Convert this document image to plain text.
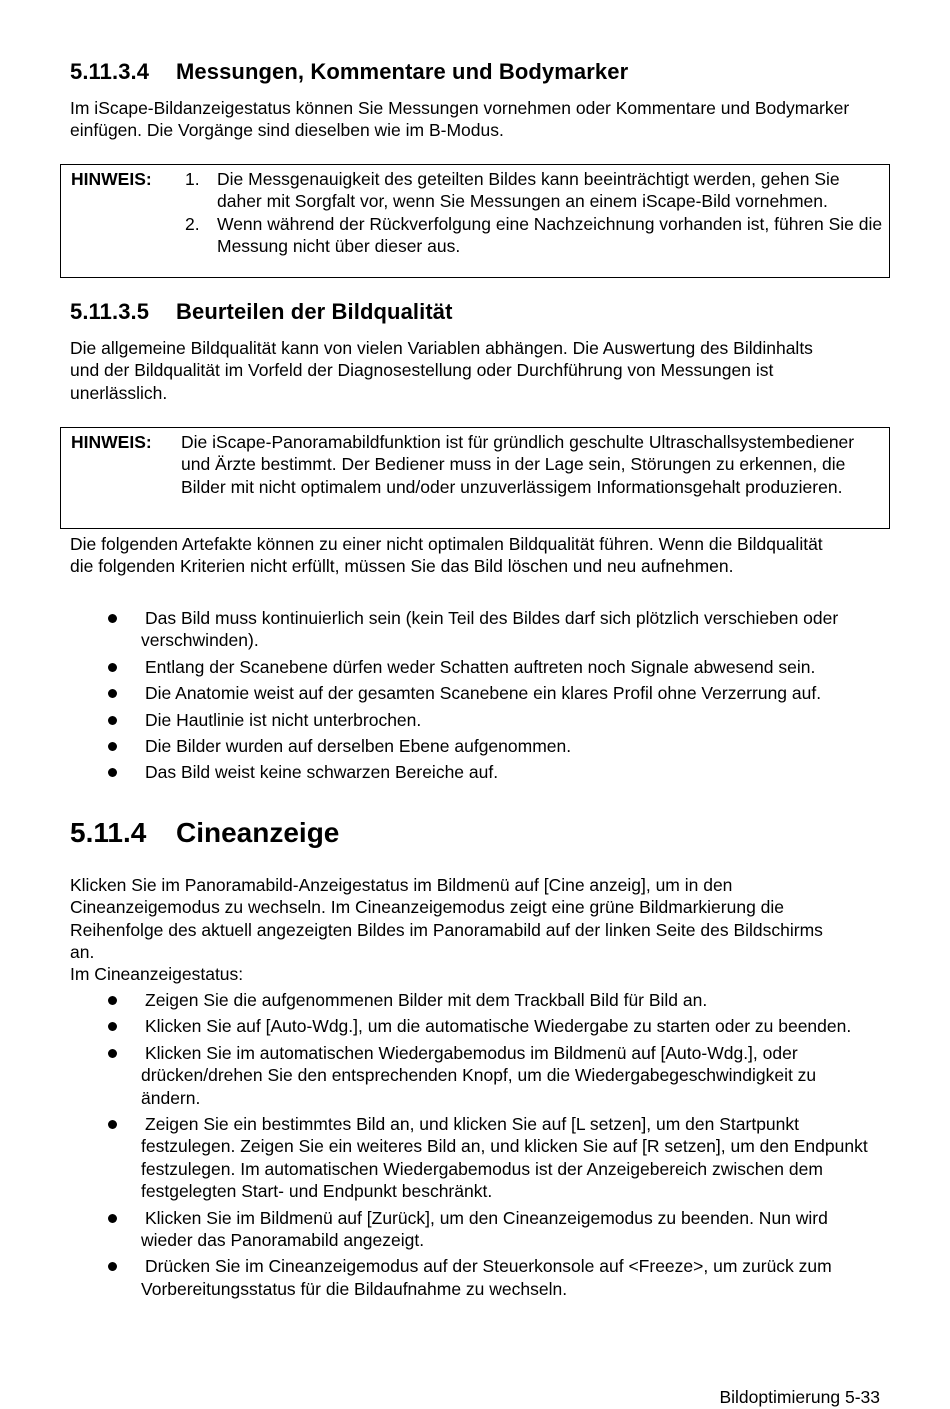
5.11.3.4 Messungen, Kommentare und Bodymarker

Im iScape-Bildanzeigestatus können Sie Messungen vornehmen oder Kommentare und Bodymarker einfügen. Die Vorgänge sind dieselben wie im B-Modus.

HINWEIS: 1. Die Messgenauigkeit des geteilten Bildes kann beeinträchtigt werden, gehen Sie daher mit Sorgfalt vor, wenn Sie Messungen an einem iScape-Bild vornehmen.
2. Wenn während der Rückverfolgung eine Nachzeichnung vorhanden ist, führen Sie die Messung nicht über dieser aus.
5.11.3.5 Beurteilen der Bildqualität

Die allgemeine Bildqualität kann von vielen Variablen abhängen. Die Auswertung des Bildinhalts und der Bildqualität im Vorfeld der Diagnosestellung oder Durchführung von Messungen ist unerlässlich.

HINWEIS: Die iScape-Panoramabildfunktion ist für gründlich geschulte Ultraschallsystembediener und Ärzte bestimmt. Der Bediener muss in der Lage sein, Störungen zu erkennen, die Bilder mit nicht optimalem und/oder unzuverlässigem Informationsgehalt produzieren.

Die folgenden Artefakte können zu einer nicht optimalen Bildqualität führen. Wenn die Bildqualität die folgenden Kriterien nicht erfüllt, müssen Sie das Bild löschen und neu aufnehmen.

Das Bild muss kontinuierlich sein (kein Teil des Bildes darf sich plötzlich verschieben oder verschwinden).
Entlang der Scanebene dürfen weder Schatten auftreten noch Signale abwesend sein.
Die Anatomie weist auf der gesamten Scanebene ein klares Profil ohne Verzerrung auf.
Die Hautlinie ist nicht unterbrochen.
Die Bilder wurden auf derselben Ebene aufgenommen.
Das Bild weist keine schwarzen Bereiche auf.
5.11.4 Cineanzeige

Klicken Sie im Panoramabild-Anzeigestatus im Bildmenü auf [Cine anzeig], um in den Cineanzeigemodus zu wechseln. Im Cineanzeigemodus zeigt eine grüne Bildmarkierung die Reihenfolge des aktuell angezeigten Bildes im Panoramabild auf der linken Seite des Bildschirms an.

Im Cineanzeigestatus:

Zeigen Sie die aufgenommenen Bilder mit dem Trackball Bild für Bild an.
Klicken Sie auf [Auto-Wdg.], um die automatische Wiedergabe zu starten oder zu beenden.
Klicken Sie im automatischen Wiedergabemodus im Bildmenü auf [Auto-Wdg.], oder drücken/drehen Sie den entsprechenden Knopf, um die Wiedergabegeschwindigkeit zu ändern.
Zeigen Sie ein bestimmtes Bild an, und klicken Sie auf [L setzen], um den Startpunkt festzulegen. Zeigen Sie ein weiteres Bild an, und klicken Sie auf [R setzen], um den Endpunkt festzulegen. Im automatischen Wiedergabemodus ist der Anzeigebereich zwischen dem festgelegten Start- und Endpunkt beschränkt.
Klicken Sie im Bildmenü auf [Zurück], um den Cineanzeigemodus zu beenden. Nun wird wieder das Panoramabild angezeigt.
Drücken Sie im Cineanzeigemodus auf der Steuerkonsole auf <Freeze>, um zurück zum Vorbereitungsstatus für die Bildaufnahme zu wechseln.
Bildoptimierung 5-33
